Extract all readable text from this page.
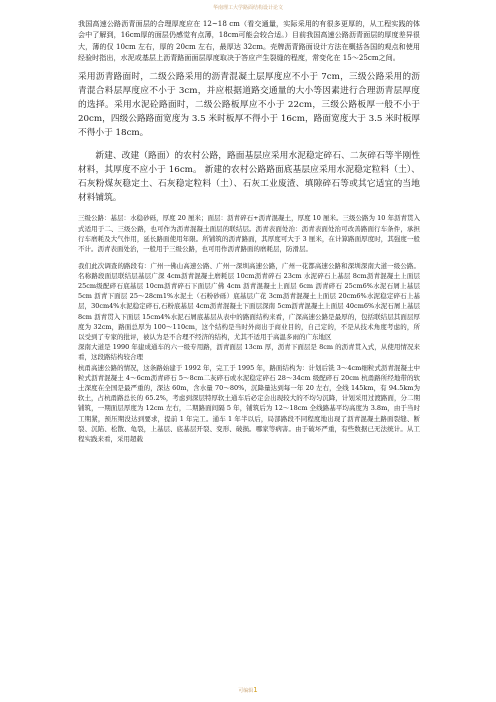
华南理工大学路面结构设计论文

我国高速公路沥青面层的合理厚度应在 12~18 cm（看交通量，实际采用的有很多更厚的，从工程实践的体会中了解到，16cm厚的面层仍感觉有点薄，18cm可能会较合适。）目前我国高速公路沥青面层的厚度差异很大，薄的仅 10cm 左右，厚的 20cm 左右，最厚达 32cm。壳牌沥青路面设计方法在概括各国的观点和使用经验时指出，水泥或基层上沥青路面面层厚度取决于答应产生裂缝的程度，常变化在 15～25cm之间。

采用沥青路面时，二级公路采用的沥青混凝土层厚度应不小于 7cm，三级公路采用的沥青混合料层厚度应不小于 3cm，并应根据道路交通量的大小等因素进行合理沥青层厚度的选择。采用水泥砼路面时，二级公路板厚应不小于 22cm，三级公路板厚一般不小于 20cm，四级公路路面宽度为 3.5 米时板厚不得小于 16cm，路面宽度大于 3.5 米时板厚不得小于 18cm。

新建、改建（路面）的农村公路，路面基层应采用水泥稳定碎石、二灰碎石等半刚性材料，其厚度不应小于 16cm。 新建的农村公路路面底基层应采用水泥稳定粒料（土）、石灰粉煤灰稳定土、石灰稳定粒料（土）、石灰工业废渣、填隙碎石等或其它适宜的当地材料铺筑。

三级公路：基层：水稳砂砾，厚度 20 厘米；面层：沥青碎石+沥青混凝土，厚度 10 厘米。三级公路为 10 年沥青贯入式适用于二、三级公路，也可作为沥青混凝土面层的联结层。沥青表面处治：沥青表面处治可改善路面行车条件，承担行车磨耗及大气作用，延长路面使用年限。所铺筑的沥青路面，其厚度可大于 3 厘米，在计算路面厚度时，其强度一般不计。沥青表面处治，一般用于三级公路，也可用作沥青路面的磨耗层，防滑层。

我们此次调查的路段有：广州一佛山高速公路、广州一深圳高速公路，广州一花都高速公路和深圳深南大道一级公路。名称路段面层联结层基层广深 4cm沥青混凝土磨耗层 10cm沥青碎石 23cm 水泥碎石上基层 8cm沥青混凝土上面层 25cm级配碎石底基层 10cm沥青碎石下面层广佛 4cm 沥青混凝土上面层 6cm 沥青碎石 25cm6%水泥石屑上基层 5cm 沥青下面层 25～28cm1%水泥土（石粉砂砾）底基层广花 3cm沥青混凝土上面层 20cm6%水泥稳定碎石上基层，30cm4%水泥稳定碎石,石粉底基层 4cm沥青混凝土下面层深南 5cm沥青混凝土上面层 40cm6%水泥石屑上基层 8cm 沥青贯入下面层 15cm4%水泥石屑底基层从表中的路面结构来看，广深高速公路是最厚的，包括联结层其面层厚度为 32cm，路面总厚为 100～110cm，这个结构是当时外商出于商业目的，自己定的，不是从技术角度考虑的，所以受到了专家的批评，被认为是不合理不经济的结构，尤其不适用于高温多雨的广东地区

深南大道是 1990 年建成通车的六一级专用路，沥青面层 13cm 厚，沥青下面层是 8cm 的沥青贯入式，从使用情况来看，这段路结构较合理

杭甬高速公路的情况，这条路始建于 1992 年，完工于 1995 年，路面结构为：计划后铣 3～4cm细粒式沥青混凝土中粒式沥青混凝土 4～6cm沥青碎石 5～8cm二灰碎石或水泥稳定碎石 28～34cm 级配碎石 20cm 杭甬路所经地带的软土深度在全国是最严重的，深达 60m，含水量 70～80%，沉降量达到每一年 20 左右，全线 145km，有 94.5km为软土，占杭甬路总长的 65.2%，考虑到深层特厚软土通车后必定会出现较大的不均匀沉降，计划采用过渡路面，分二期铺筑，一期面层厚度为 12cm 左右，二期路面间隔 5 年，铺筑后为 12～18cm 全线路基平均高度为 3.8m，由于当时工期紧，预压期没达到要求，提前 1 年完工。通车 1 年半以后，局部路段不同程度地出现了沥青混凝土路面裂缝、断裂、沉陷、松散、龟裂，上基层、底基层开裂、变形、破损。哪家等病害。由于破坏严重，有些数据已无法统计。从工程实践来看，采用超载

可编辑1
